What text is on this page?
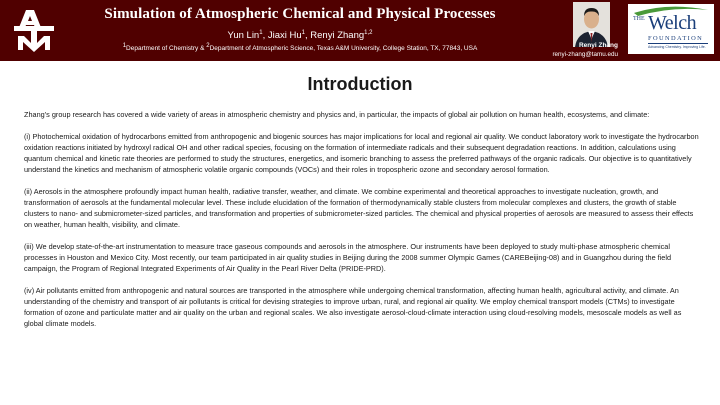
Simulation of Atmospheric Chemical and Physical Processes
Yun Lin$^1$, Jiaxi Hu$^1$, Renyi Zhang$^{1,2}$
$^1$Department of Chemistry & $^2$Department of Atmospheric Science, Texas A&M University, College Station, TX, 77843, USA	Renyi Zhang
renyi-zhang@tamu.edu
THE Welch
FOUNDATION
Advancing Chemistry. Improving Life.
Introduction

Zhang’s group research has covered a wide variety of areas in atmospheric chemistry and physics and, in particular, the impacts of global air pollution on human health, ecosystems, and climate:

(i) Photochemical oxidation of hydrocarbons emitted from anthropogenic and biogenic sources has major implications for local and regional air quality. We conduct laboratory work to investigate the hydrocarbon oxidation reactions initiated by hydroxyl radical OH and other radical species, focusing on the formation of intermediate radicals and their subsequent degradation reactions. In addition, calculations using quantum chemical and kinetic rate theories are performed to study the structures, energetics, and isomeric branching to assess the preferred pathways of the organic radicals. Our objective is to quantitatively understand the kinetics and mechanism of atmospheric volatile organic compounds (VOCs) and their roles in tropospheric ozone and secondary aerosol formation.

(ii) Aerosols in the atmosphere profoundly impact human health, radiative transfer, weather, and climate. We combine experimental and theoretical approaches to investigate nucleation, growth, and transformation of aerosols at the fundamental molecular level. These include elucidation of the formation of thermodynamically stable clusters from molecular complexes and clusters, the growth of stable clusters to nano- and submicrometer-sized particles, and transformation and properties of submicrometer-sized particles. The chemical and physical properties of aerosols are measured to assess their effects on weather, human health, visibility, and climate.

(iii) We develop state-of-the-art instrumentation to measure trace gaseous compounds and aerosols in the atmosphere. Our instruments have been deployed to study multi-phase atmospheric chemical processes in Houston and Mexico City. Most recently, our team participated in air quality studies in Beijing during the 2008 summer Olympic Games (CAREBeijing-08) and in Guangzhou during the field campaign, the Program of Regional Integrated Experiments of Air Quality in the Pearl River Delta (PRIDE-PRD).

(iv) Air pollutants emitted from anthropogenic and natural sources are transported in the atmosphere while undergoing chemical transformation, affecting human health, agricultural activity, and climate. An understanding of the chemistry and transport of air pollutants is critical for devising strategies to improve urban, rural, and regional air quality. We employ chemical transport models (CTMs) to investigate formation of ozone and particulate matter and air quality on the urban and regional scales. We also investigate aerosol-cloud-climate interaction using cloud-resolving models, mesoscale models as well as global climate models.
